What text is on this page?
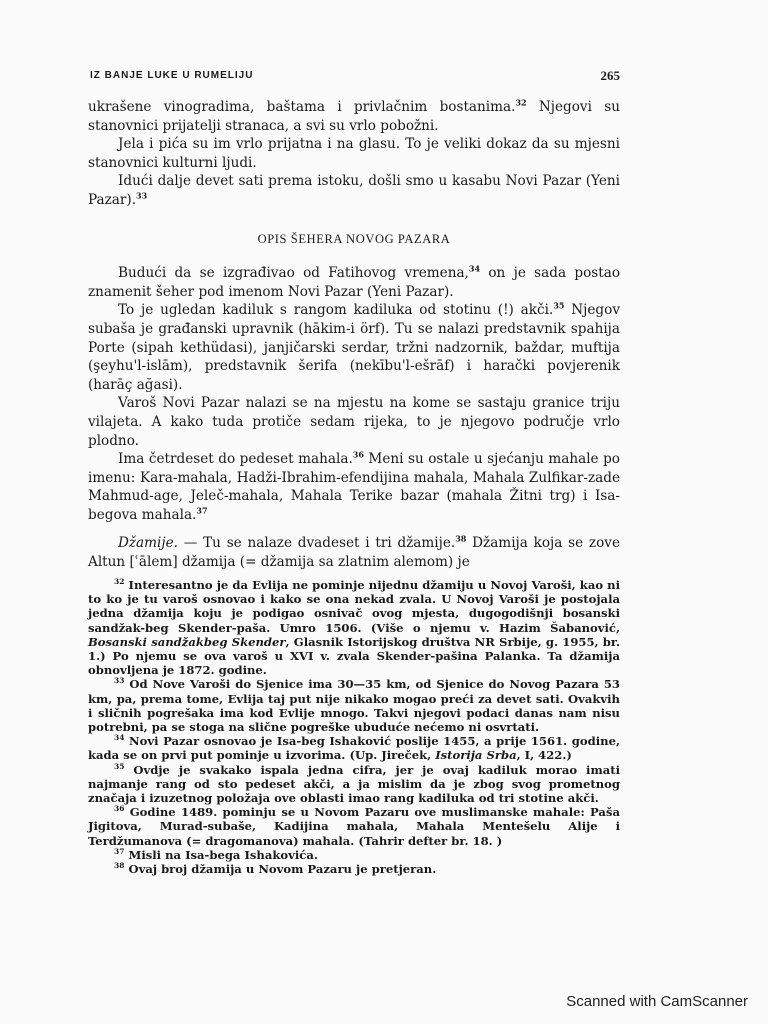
IZ BANJE LUKE U RUMELIJU	265

ukrašene vinogradima, baštama i privlačnim bostanima.$^{32}$ Njegovi su stanovnici prijatelji stranaca, a svi su vrlo pobožni.

Jela i pića su im vrlo prijatna i na glasu. To je veliki dokaz da su mjesni stanovnici kulturni ljudi.

Idući dalje devet sati prema istoku, došli smo u kasabu Novi Pazar (Yeni Pazar).$^{33}$

OPIS ŠEHERA NOVOG PAZARA

Budući da se izgrađivao od Fatihovog vremena,$^{34}$ on je sada postao znamenit šeher pod imenom Novi Pazar (Yeni Pazar).

To je ugledan kadiluk s rangom kadiluka od stotinu (!) akči.$^{35}$ Njegov subaša je građanski upravnik (hākim-i örf). Tu se nalazi predstavnik spahija Porte (sipah kethüdasi), janjičarski serdar, tržni nadzornik, baždar, muftija (şeyhu'l-islām), predstavnik šerifa (nekību'l-ešrāf) i harački povjerenik (harāç ağasi).

Varoš Novi Pazar nalazi se na mjestu na kome se sastaju granice triju vilajeta. A kako tuda protiče sedam rijeka, to je njegovo područje vrlo plodno.

Ima četrdeset do pedeset mahala.$^{36}$ Meni su ostale u sjećanju mahale po imenu: Kara-mahala, Hadži-Ibrahim-efendijina mahala, Mahala Zulfikar-zade Mahmud-age, Jeleč-mahala, Mahala Terike bazar (mahala Žitni trg) i Isa-begova mahala.$^{37}$

Džamije. — Tu se nalaze dvadeset i tri džamije.$^{38}$ Džamija koja se zove Altun [ʿālem] džamija (= džamija sa zlatnim alemom) je

$^{32}$ Interesantno je da Evlija ne pominje nijednu džamiju u Novoj Varoši, kao ni to ko je tu varoš osnovao i kako se ona nekad zvala. U Novoj Varoši je postojala jedna džamija koju je podigao osnivač ovog mjesta, dugogodišnji bosanski sandžak-beg Skender-paša. Umro 1506. (Više o njemu v. Hazim Šabanović, Bosanski sandžakbeg Skender, Glasnik Istorijskog društva NR Srbije, g. 1955, br. 1.) Po njemu se ova varoš u XVI v. zvala Skender-pašina Palanka. Ta džamija obnovljena je 1872. godine.

$^{33}$ Od Nove Varoši do Sjenice ima 30—35 km, od Sjenice do Novog Pazara 53 km, pa, prema tome, Evlija taj put nije nikako mogao preći za devet sati. Ovakvih i sličnih pogrešaka ima kod Evlije mnogo. Takvi njegovi podaci danas nam nisu potrebni, pa se stoga na slične pogreške ubuduće nećemo ni osvrtati.

$^{34}$ Novi Pazar osnovao je Isa-beg Ishaković poslije 1455, a prije 1561. godine, kada se on prvi put pominje u izvorima. (Up. Jireček, Istorija Srba, I, 422.)

$^{35}$ Ovdje je svakako ispala jedna cifra, jer je ovaj kadiluk morao imati najmanje rang od sto pedeset akči, a ja mislim da je zbog svog prometnog značaja i izuzetnog položaja ove oblasti imao rang kadiluka od tri stotine akči.

$^{36}$ Godine 1489. pominju se u Novom Pazaru ove muslimanske mahale: Paša Jigitova, Murad-subaše, Kadijina mahala, Mahala Mentešelu Alije i Terdžumanova (= dragomanova) mahala. (Tahrir defter br. 18. )

$^{37}$ Misli na Isa-bega Ishakovića.

$^{38}$ Ovaj broj džamija u Novom Pazaru je pretjeran.

Scanned with CamScanner
